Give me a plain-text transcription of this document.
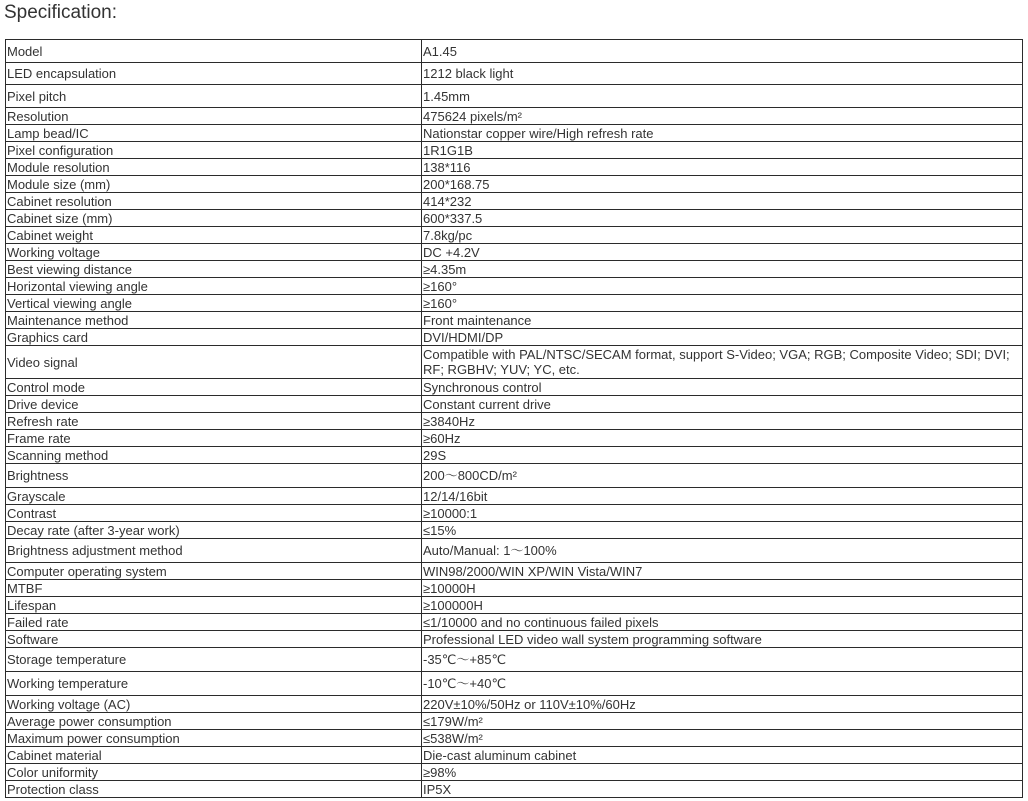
Specification:
Model	A1.45
LED encapsulation	1212 black light
Pixel pitch	1.45mm
Resolution	475624 pixels/m²
Lamp bead/IC	Nationstar copper wire/High refresh rate
Pixel configuration	1R1G1B
Module resolution	138*116
Module size (mm)	200*168.75
Cabinet resolution	414*232
Cabinet size (mm)	600*337.5
Cabinet weight	7.8kg/pc
Working voltage	DC +4.2V
Best viewing distance	≥4.35m
Horizontal viewing angle	≥160°
Vertical viewing angle	≥160°
Maintenance method	Front maintenance
Graphics card	DVI/HDMI/DP
Video signal	Compatible with PAL/NTSC/SECAM format, support S-Video; VGA; RGB; Composite Video; SDI; DVI; RF; RGBHV; YUV; YC, etc.
Control mode	Synchronous control
Drive device	Constant current drive
Refresh rate	≥3840Hz
Frame rate	≥60Hz
Scanning method	29S
Brightness	200～800CD/m²
Grayscale	12/14/16bit
Contrast	≥10000:1
Decay rate (after 3-year work)	≤15%
Brightness adjustment method	Auto/Manual: 1～100%
Computer operating system	WIN98/2000/WIN XP/WIN Vista/WIN7
MTBF	≥10000H
Lifespan	≥100000H
Failed rate	≤1/10000 and no continuous failed pixels
Software	Professional LED video wall system programming software
Storage temperature	-35℃～+85℃
Working temperature	-10℃～+40℃
Working voltage (AC)	220V±10%/50Hz or 110V±10%/60Hz
Average power consumption	≤179W/m²
Maximum power consumption	≤538W/m²
Cabinet material	Die-cast aluminum cabinet
Color uniformity	≥98%
Protection class	IP5X
